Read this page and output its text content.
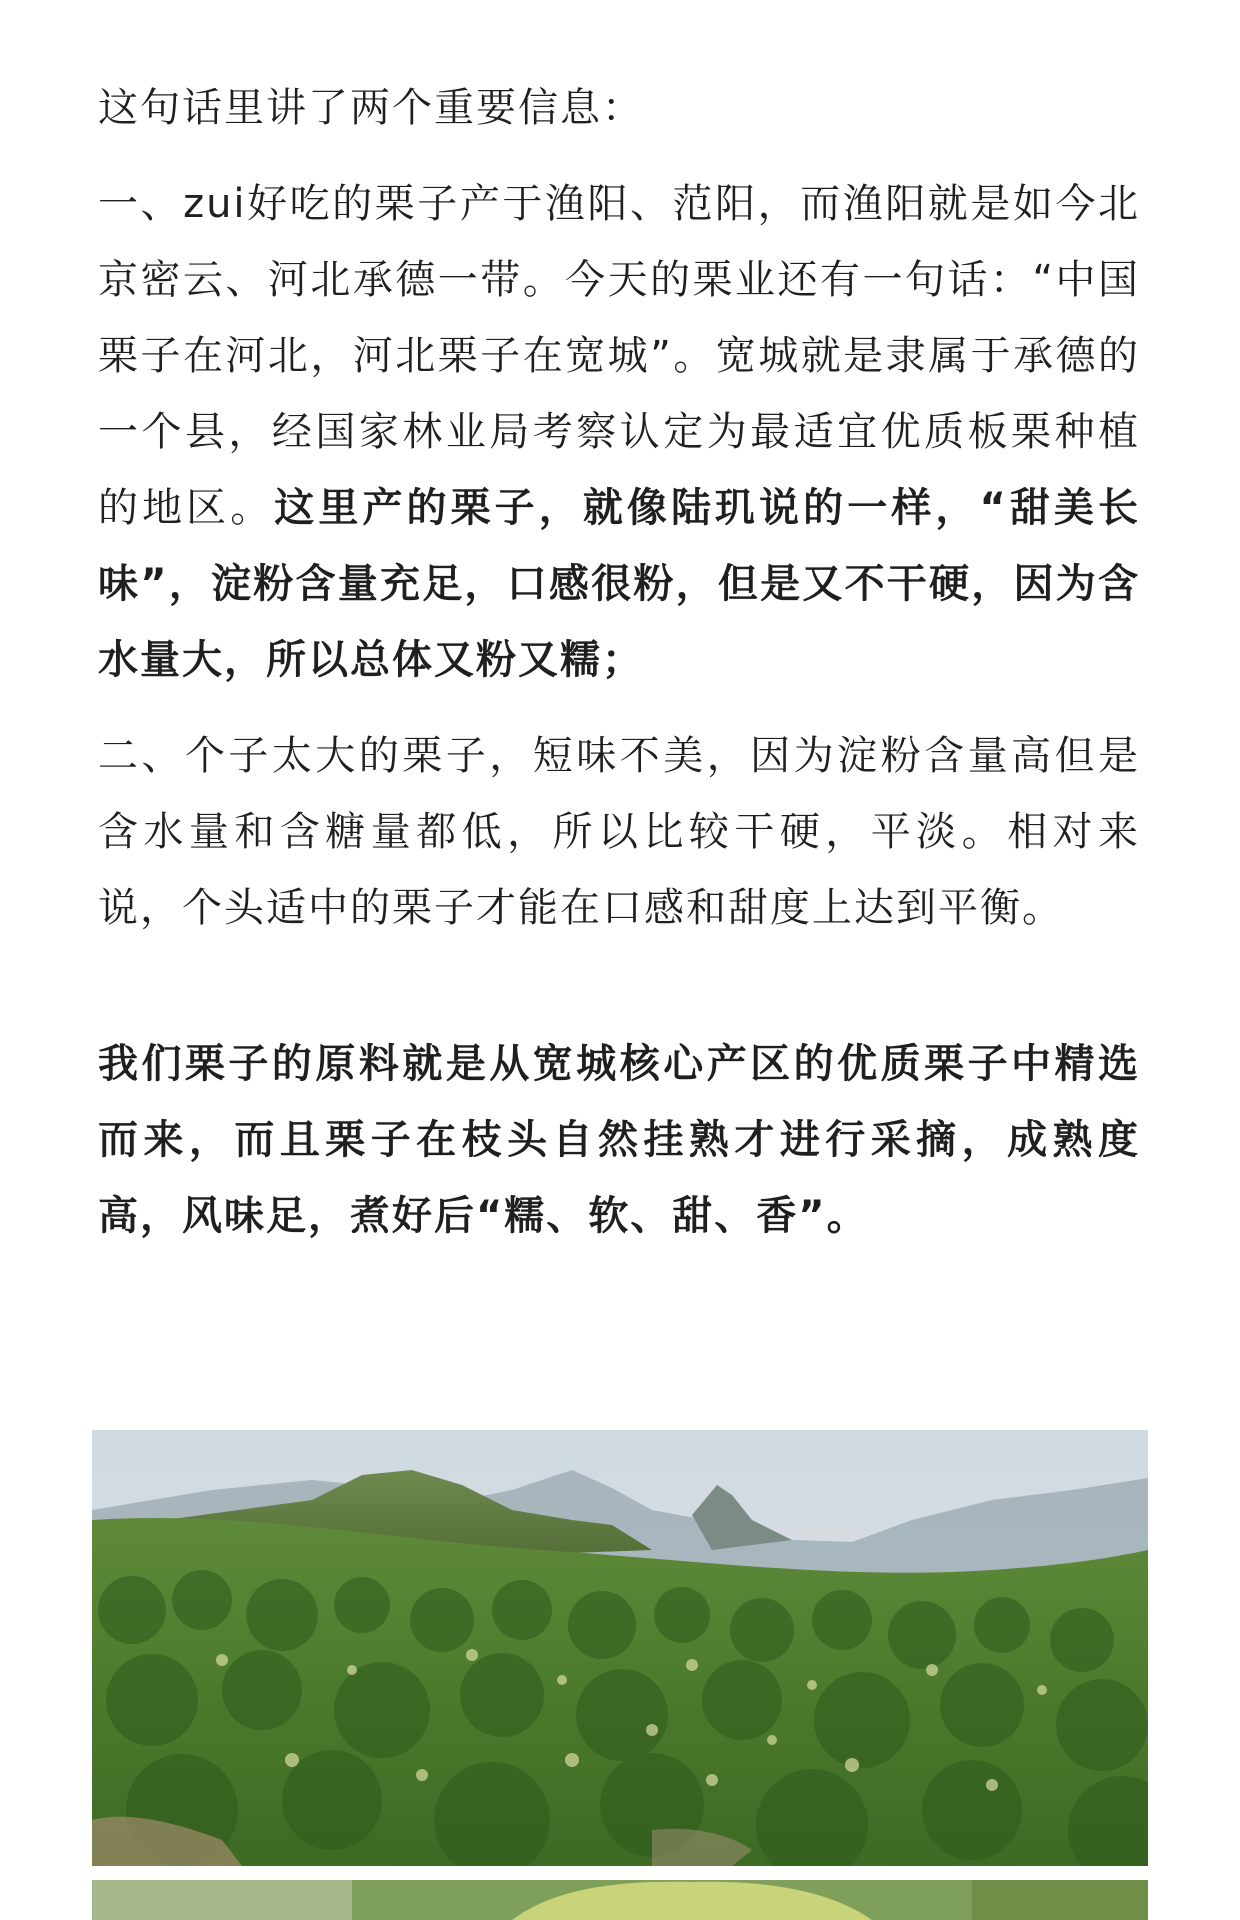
这句话里讲了两个重要信息：

一、zui好吃的栗子产于渔阳、范阳，而渔阳就是如今北京密云、河北承德一带。今天的栗业还有一句话：“中国栗子在河北，河北栗子在宽城”。宽城就是隶属于承德的一个县，经国家林业局考察认定为最适宜优质板栗种植的地区。这里产的栗子，就像陆玑说的一样，“甜美长味”，淀粉含量充足，口感很粉，但是又不干硬，因为含水量大，所以总体又粉又糯；

二、个子太大的栗子，短味不美，因为淀粉含量高但是含水量和含糖量都低，所以比较干硬，平淡。相对来说，个头适中的栗子才能在口感和甜度上达到平衡。

我们栗子的原料就是从宽城核心产区的优质栗子中精选而来，而且栗子在枝头自然挂熟才进行采摘，成熟度高，风味足，煮好后“糯、软、甜、香”。
